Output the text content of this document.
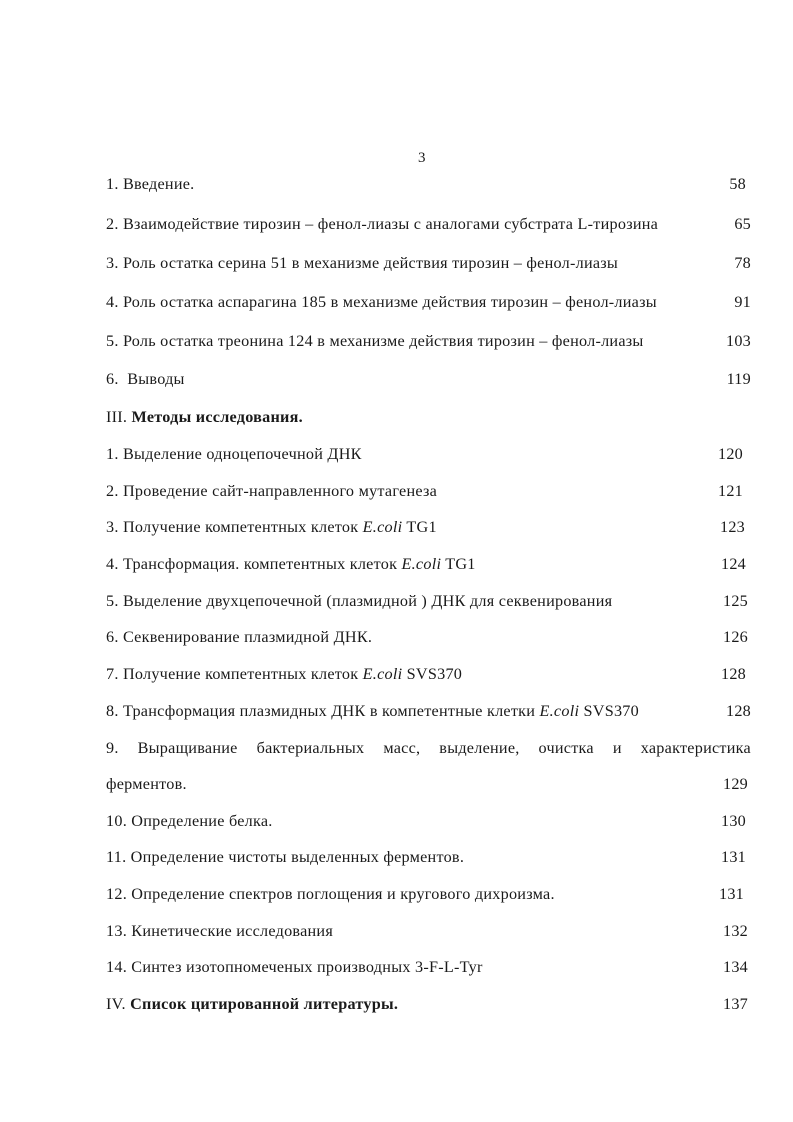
3
1. Введение.	58
2. Взаимодействие тирозин – фенол-лиазы с аналогами субстрата L-тирозина	65
3. Роль остатка серина 51 в механизме действия тирозин – фенол-лиазы	78
4. Роль остатка аспарагина 185 в механизме действия тирозин – фенол-лиазы	91
5. Роль остатка треонина 124 в механизме действия тирозин – фенол-лиазы	103
6.  Выводы	119
III. Методы исследования.
1. Выделение одноцепочечной ДНК	120
2. Проведение сайт-направленного мутагенеза	121
3. Получение компетентных клеток E.coli TG1	123
4. Трансформация. компетентных клеток E.coli TG1	124
5. Выделение двухцепочечной (плазмидной ) ДНК для секвенирования	125
6. Секвенирование плазмидной ДНК.	126
7. Получение компетентных клеток E.coli SVS370	128
8. Трансформация плазмидных ДНК в компетентные клетки E.coli SVS370	128
9. Выращивание бактериальных масс, выделение, очистка и характеристика
ферментов.	129
10. Определение белка.	130
11. Определение чистоты выделенных ферментов.	131
12. Определение спектров поглощения и кругового дихроизма.	131
13. Кинетические исследования	132
14. Синтез изотопномеченых производных 3-F-L-Tyr	134
IV. Список цитированной литературы.	137
